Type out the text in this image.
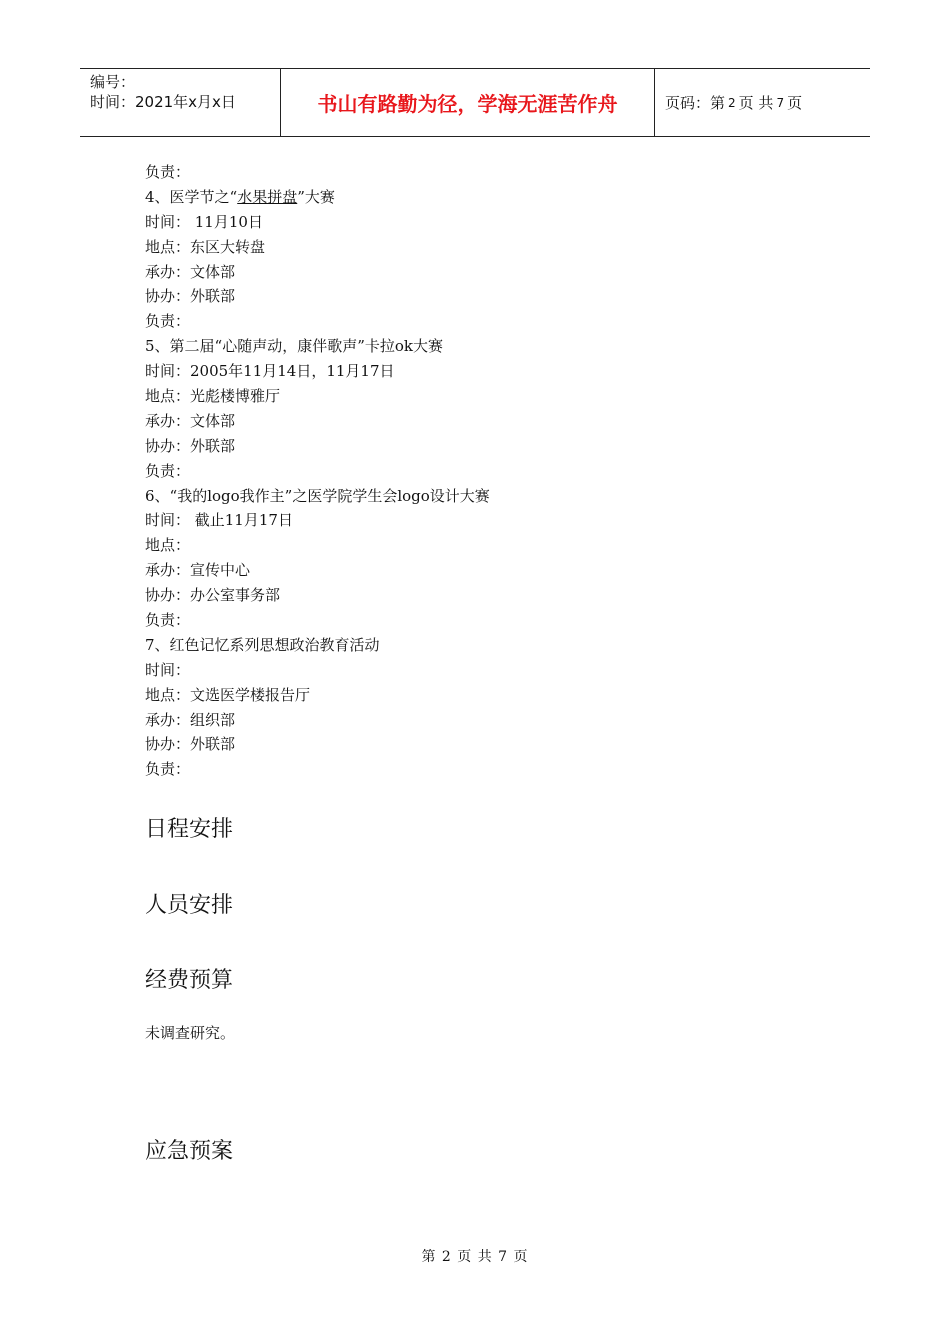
编号：
时间：2021年x月x日	书山有路勤为径，学海无涯苦作舟	页码：第 2 页 共 7 页
负责：
4、医学节之“水果拼盘”大赛
时间： 11月10日
地点：东区大转盘
承办：文体部
协办：外联部
负责：
5、第二届“心随声动，康伴歌声”卡拉ok大赛
时间：2005年11月14日，11月17日
地点：光彪楼博雅厅
承办：文体部
协办：外联部
负责：
6、“我的logo我作主”之医学院学生会logo设计大赛
时间： 截止11月17日
地点：
承办：宣传中心
协办：办公室事务部
负责：
7、红色记忆系列思想政治教育活动
时间：
地点：文选医学楼报告厅
承办：组织部
协办：外联部
负责：
日程安排
人员安排
经费预算
未调查研究。
应急预案
第 2 页 共 7 页
